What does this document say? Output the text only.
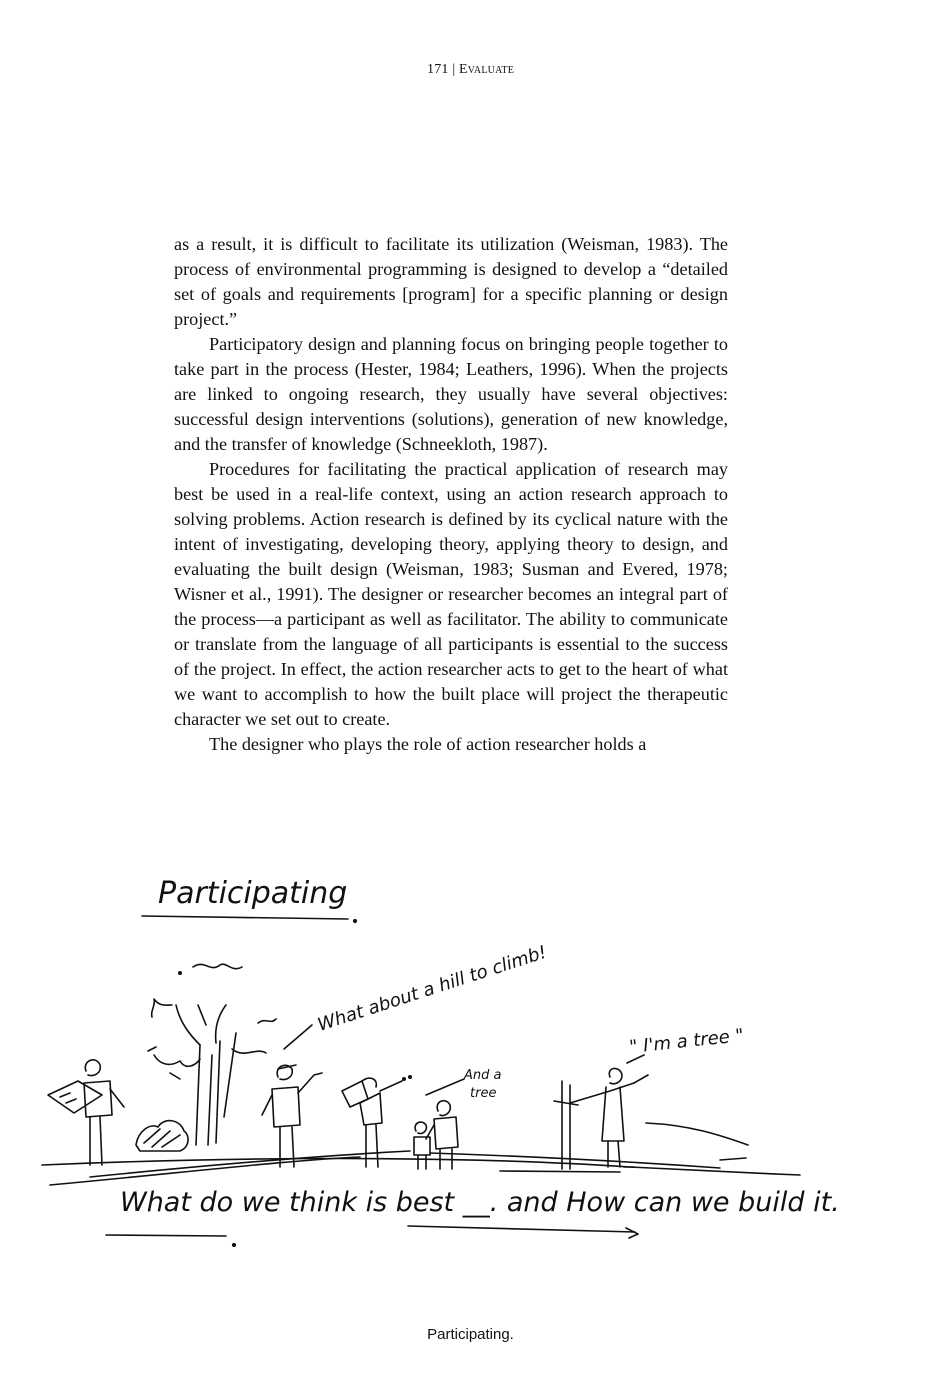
171 | Evaluate

as a result, it is difficult to facilitate its utilization (Weisman, 1983). The process of environmental programming is designed to develop a “detailed set of goals and requirements [program] for a specific planning or design project.”

Participatory design and planning focus on bringing people together to take part in the process (Hester, 1984; Leathers, 1996). When the projects are linked to ongoing research, they usually have several objectives: successful design interventions (solutions), generation of new knowledge, and the transfer of knowledge (Schneekloth, 1987).

Procedures for facilitating the practical application of research may best be used in a real-life context, using an action research approach to solving problems. Action research is defined by its cyclical nature with the intent of investigating, developing theory, applying theory to design, and evaluating the built design (Weisman, 1983; Susman and Evered, 1978; Wisner et al., 1991). The designer or researcher becomes an integral part of the process—a participant as well as facilitator. The ability to communicate or translate from the language of all participants is essential to the success of the project. In effect, the action researcher acts to get to the heart of what we want to accomplish to how the built place will project the therapeutic character we set out to create.

The designer who plays the role of action researcher holds a

Participating
What about a hill to climb!
" I'm a tree "
And a
tree
What do we think is best __. and How can we build it.
Participating.
